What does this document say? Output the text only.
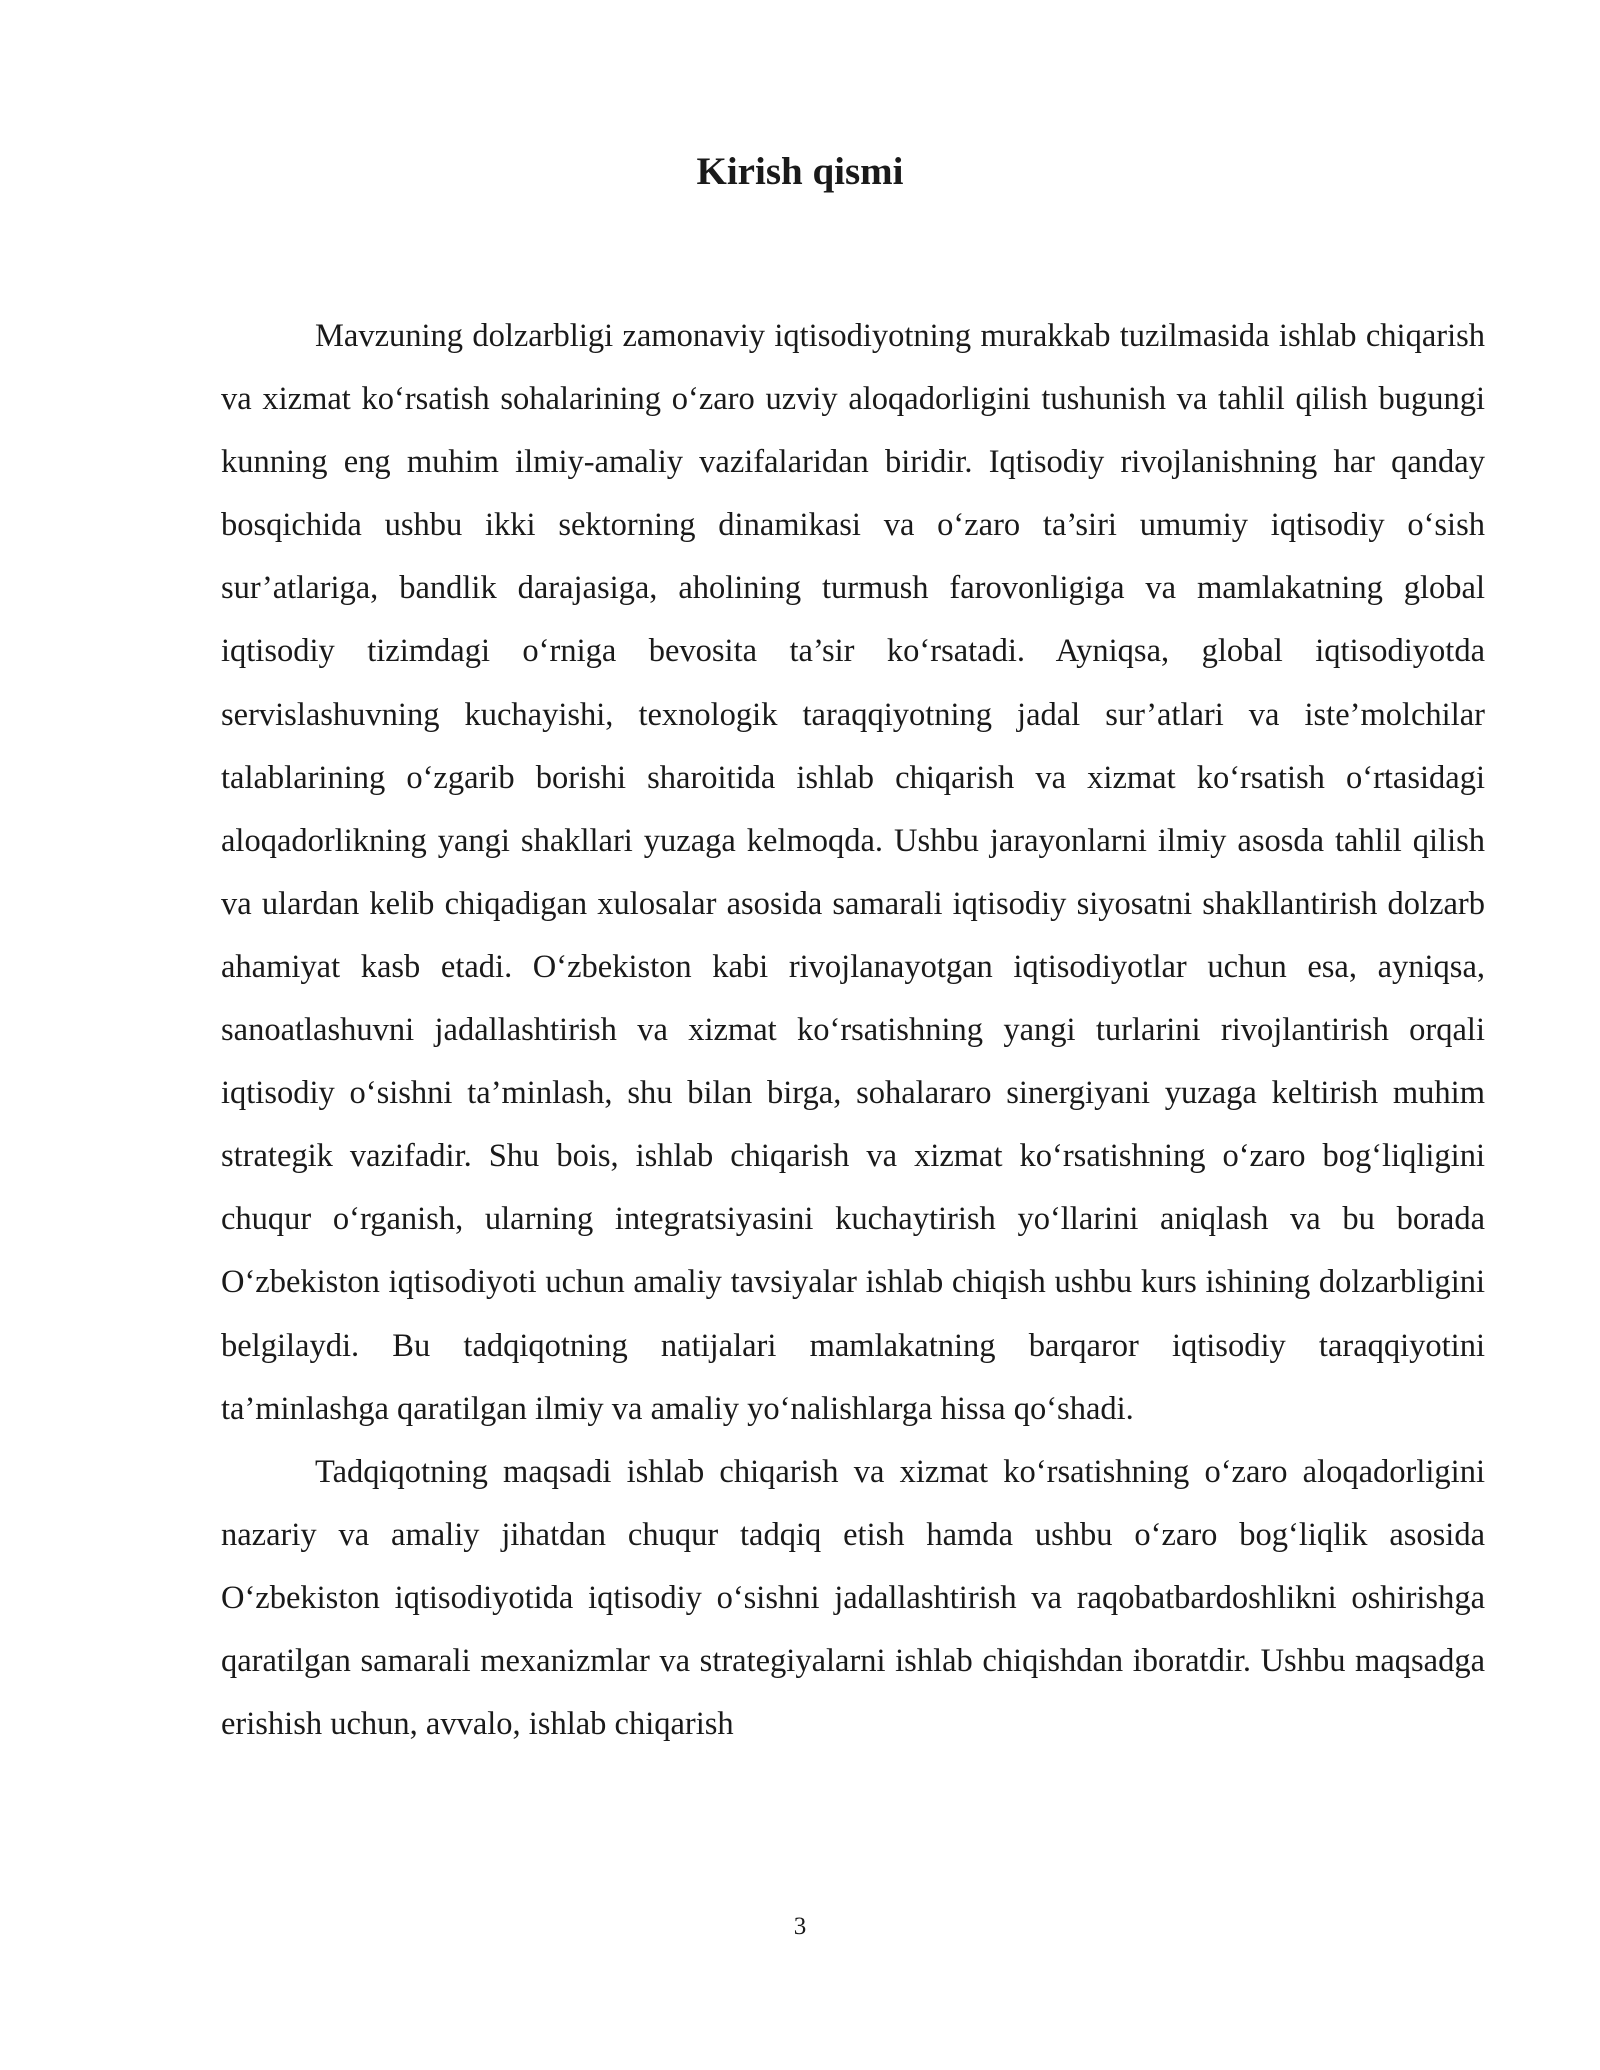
Kirish qismi

Mavzuning dolzarbligi zamonaviy iqtisodiyotning murakkab tuzilmasida ishlab chiqarish va xizmat ko‘rsatish sohalarining o‘zaro uzviy aloqadorligini tushunish va tahlil qilish bugungi kunning eng muhim ilmiy-amaliy vazifalaridan biridir. Iqtisodiy rivojlanishning har qanday bosqichida ushbu ikki sektorning dinamikasi va o‘zaro ta’siri umumiy iqtisodiy o‘sish sur’atlariga, bandlik darajasiga, aholining turmush farovonligiga va mamlakatning global iqtisodiy tizimdagi o‘rniga bevosita ta’sir ko‘rsatadi. Ayniqsa, global iqtisodiyotda servislashuvning kuchayishi, texnologik taraqqiyotning jadal sur’atlari va iste’molchilar talablarining o‘zgarib borishi sharoitida ishlab chiqarish va xizmat ko‘rsatish o‘rtasidagi aloqadorlikning yangi shakllari yuzaga kelmoqda. Ushbu jarayonlarni ilmiy asosda tahlil qilish va ulardan kelib chiqadigan xulosalar asosida samarali iqtisodiy siyosatni shakllantirish dolzarb ahamiyat kasb etadi. O‘zbekiston kabi rivojlanayotgan iqtisodiyotlar uchun esa, ayniqsa, sanoatlashuvni jadallashtirish va xizmat ko‘rsatishning yangi turlarini rivojlantirish orqali iqtisodiy o‘sishni ta’minlash, shu bilan birga, sohalararo sinergiyani yuzaga keltirish muhim strategik vazifadir. Shu bois, ishlab chiqarish va xizmat ko‘rsatishning o‘zaro bog‘liqligini chuqur o‘rganish, ularning integratsiyasini kuchaytirish yo‘llarini aniqlash va bu borada O‘zbekiston iqtisodiyoti uchun amaliy tavsiyalar ishlab chiqish ushbu kurs ishining dolzarbligini belgilaydi. Bu tadqiqotning natijalari mamlakatning barqaror iqtisodiy taraqqiyotini ta’minlashga qaratilgan ilmiy va amaliy yo‘nalishlarga hissa qo‘shadi.

Tadqiqotning maqsadi ishlab chiqarish va xizmat ko‘rsatishning o‘zaro aloqadorligini nazariy va amaliy jihatdan chuqur tadqiq etish hamda ushbu o‘zaro bog‘liqlik asosida O‘zbekiston iqtisodiyotida iqtisodiy o‘sishni jadallashtirish va raqobatbardoshlikni oshirishga qaratilgan samarali mexanizmlar va strategiyalarni ishlab chiqishdan iboratdir. Ushbu maqsadga erishish uchun, avvalo, ishlab chiqarish

3
